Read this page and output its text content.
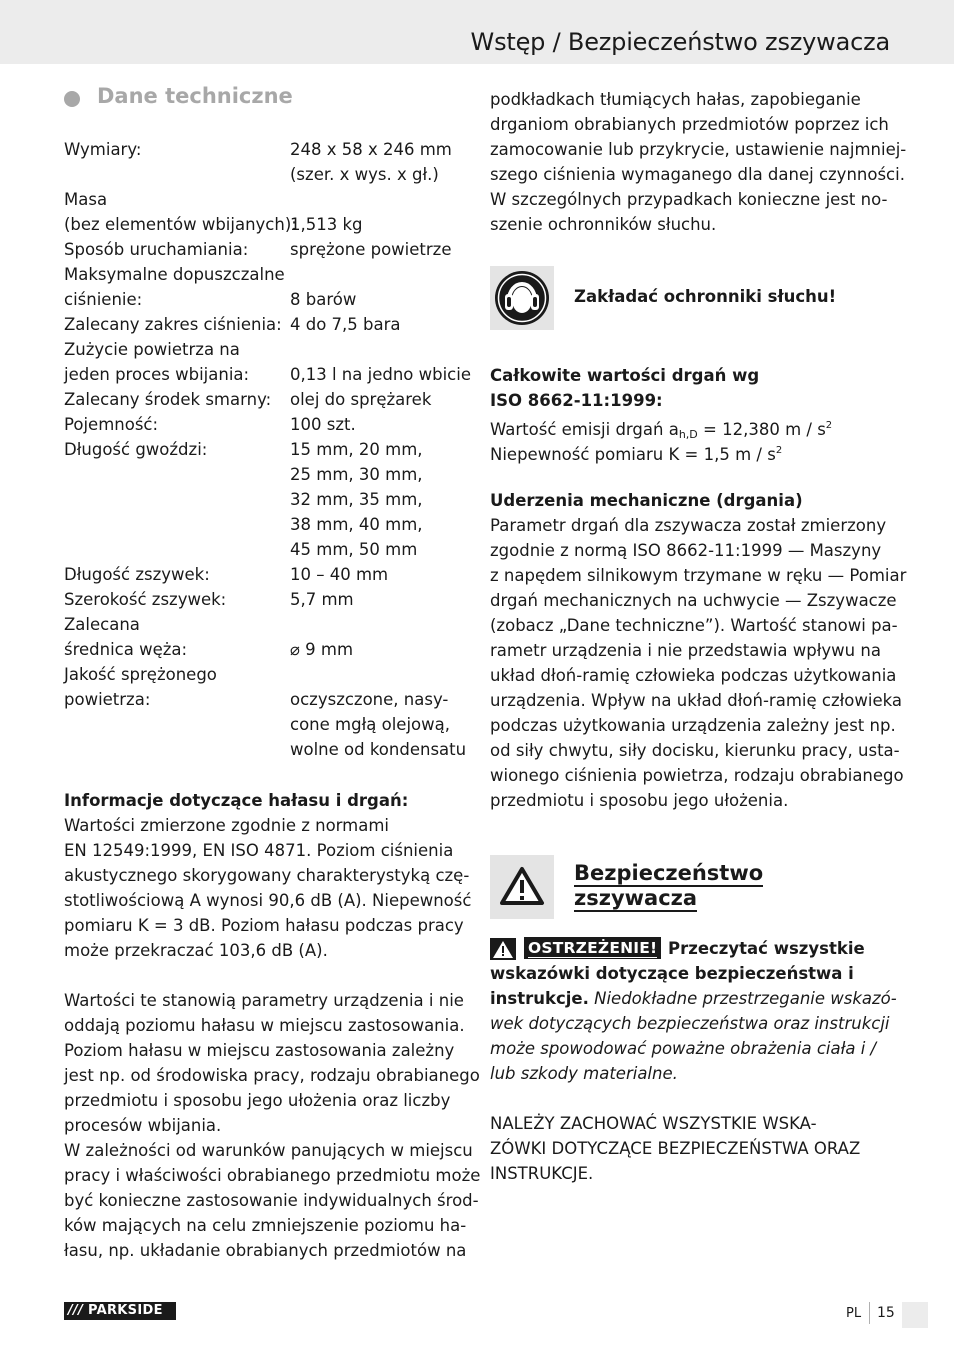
Wstęp / Bezpieczeństwo zszywacza
Dane techniczne
Wymiary:	248 x 58 x 246 mm
(szer. x wys. x gł.)
Masa
(bez elementów wbijanych):
1,513 kg
Sposób uruchamiania:	sprężone powietrze
Maksymalne dopuszczalne
ciśnienie:	8 barów
Zalecany zakres ciśnienia: 4 do 7,5 bara
Zużycie powietrza na
jeden proces wbijania: 0,13 l na jedno wbicie
Zalecany środek smarny: olej do sprężarek
Pojemność:	100 szt.
Długość gwoździ:	15 mm, 20 mm,
25 mm, 30 mm,
32 mm, 35 mm,
38 mm, 40 mm,
45 mm, 50 mm
Długość zszywek:	10 – 40 mm
Szerokość zszywek:	5,7 mm
Zalecana
średnica węża:	⌀ 9 mm
Jakość sprężonego
powietrza:	oczyszczone, nasy-
cone mgłą olejową,
wolne od kondensatu
Informacje dotyczące hałasu i drgań:
Wartości zmierzone zgodnie z normami
EN 12549:1999, EN ISO 4871. Poziom ciśnienia
akustycznego skorygowany charakterystyką czę-
stotliwościową A wynosi 90,6 dB (A). Niepewność
pomiaru K = 3 dB. Poziom hałasu podczas pracy
może przekraczać 103,6 dB (A).
Wartości te stanowią parametry urządzenia i nie
oddają poziomu hałasu w miejscu zastosowania.
Poziom hałasu w miejscu zastosowania zależny
jest np. od środowiska pracy, rodzaju obrabianego
przedmiotu i sposobu jego ułożenia oraz liczby
procesów wbijania.
W zależności od warunków panujących w miejscu
pracy i właściwości obrabianego przedmiotu może
być konieczne zastosowanie indywidualnych środ-
ków mających na celu zmniejszenie poziomu ha-
łasu, np. układanie obrabianych przedmiotów na
podkładkach tłumiących hałas, zapobieganie
drganiom obrabianych przedmiotów poprzez ich
zamocowanie lub przykrycie, ustawienie najmniej-
szego ciśnienia wymaganego dla danej czynności.
W szczególnych przypadkach konieczne jest no-
szenie ochronników słuchu.
Zakładać ochronniki słuchu!
Całkowite wartości drgań wg
ISO 8662-11:1999:
Wartość emisji drgań $a_{h,D} = 12,380$ m / $s^2$
Niepewność pomiaru K = 1,5 m / $s^2$
Uderzenia mechaniczne (drgania)
Parametr drgań dla zszywacza został zmierzony
zgodnie z normą ISO 8662-11:1999 — Maszyny
z napędem silnikowym trzymane w ręku — Pomiar
drgań mechanicznych na uchwycie — Zszywacze
(zobacz „Dane techniczne”). Wartość stanowi pa-
rametr urządzenia i nie przedstawia wpływu na
układ dłoń-ramię człowieka podczas użytkowania
urządzenia. Wpływ na układ dłoń-ramię człowieka
podczas użytkowania urządzenia zależny jest np.
od siły chwytu, siły docisku, kierunku pracy, usta-
wionego ciśnienia powietrza, rodzaju obrabianego
przedmiotu i sposobu jego ułożenia.
Bezpieczeństwo
zszywacza
OSTRZEŻENIE! Przeczytać wszystkie
wskazówki dotyczące bezpieczeństwa i
instrukcje. Niedokładne przestrzeganie wskazó-
wek dotyczących bezpieczeństwa oraz instrukcji
może spowodować poważne obrażenia ciała i /
lub szkody materialne.
NALEŻY ZACHOWAĆ WSZYSTKIE WSKA-
ZÓWKI DOTYCZĄCE BEZPIECZEŃSTWA ORAZ
INSTRUKCJE.
/// PARKSIDE	PL 15
